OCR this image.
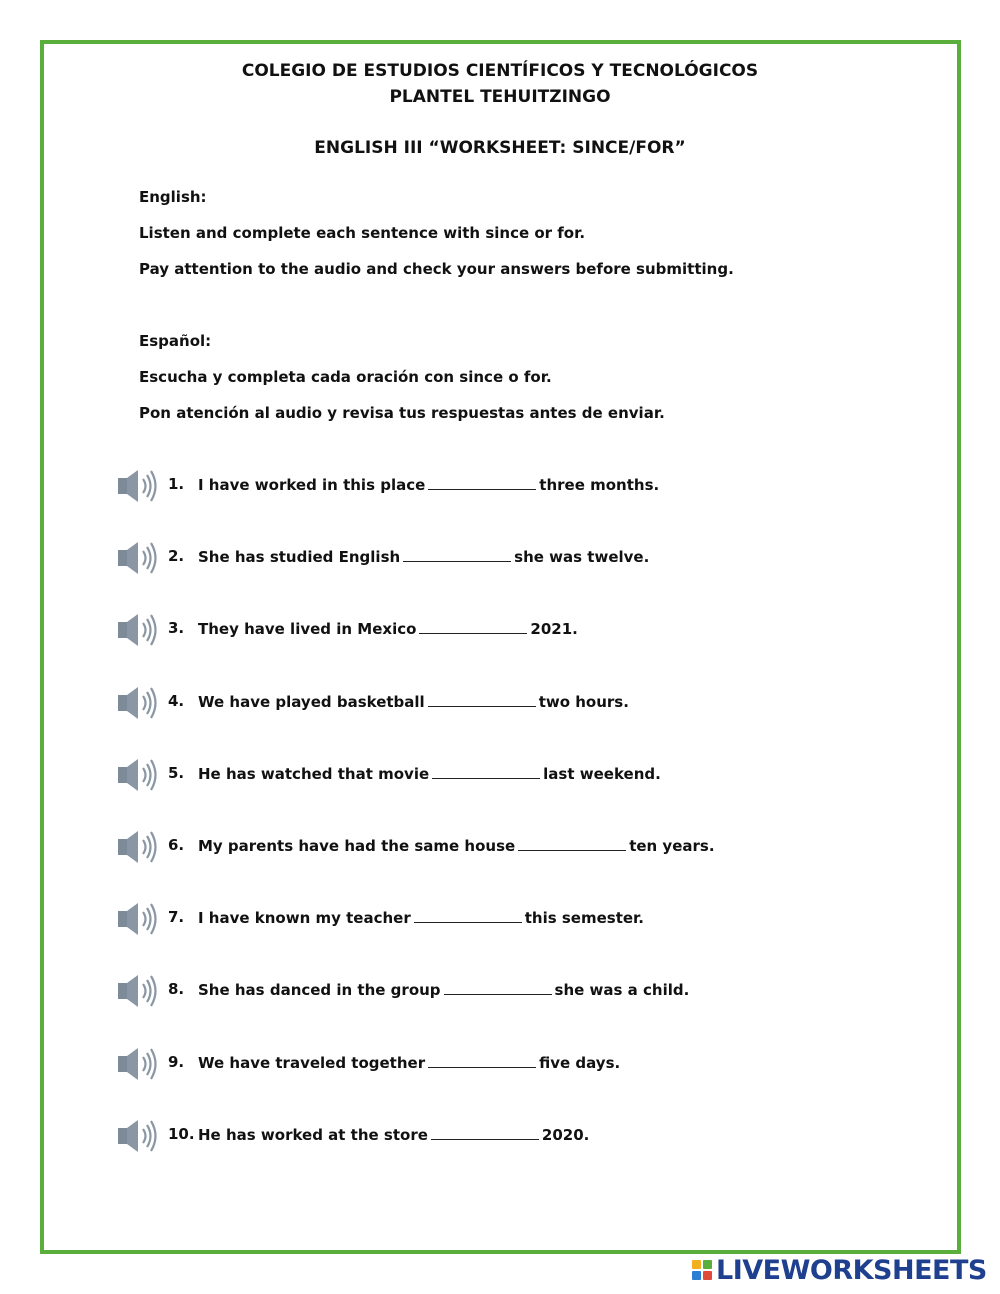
COLEGIO DE ESTUDIOS CIENTÍFICOS Y TECNOLÓGICOS
PLANTEL TEHUITZINGO
ENGLISH III “WORKSHEET: SINCE/FOR”
English:
Listen and complete each sentence with since or for.
Pay attention to the audio and check your answers before submitting.
Español:
Escucha y completa cada oración con since o for.
Pon atención al audio y revisa tus respuestas antes de enviar.
1. I have worked in this place	three months.
2. She has studied English	she was twelve.
3. They have lived in Mexico	2021.
4. We have played basketball	two hours.
5. He has watched that movie	last weekend.
6. My parents have had the same house	ten years.
7. I have known my teacher	this semester.
8. She has danced in the group	she was a child.
9. We have traveled together	five days.
10. He has worked at the store	2020.
LIVEWORKSHEETS
